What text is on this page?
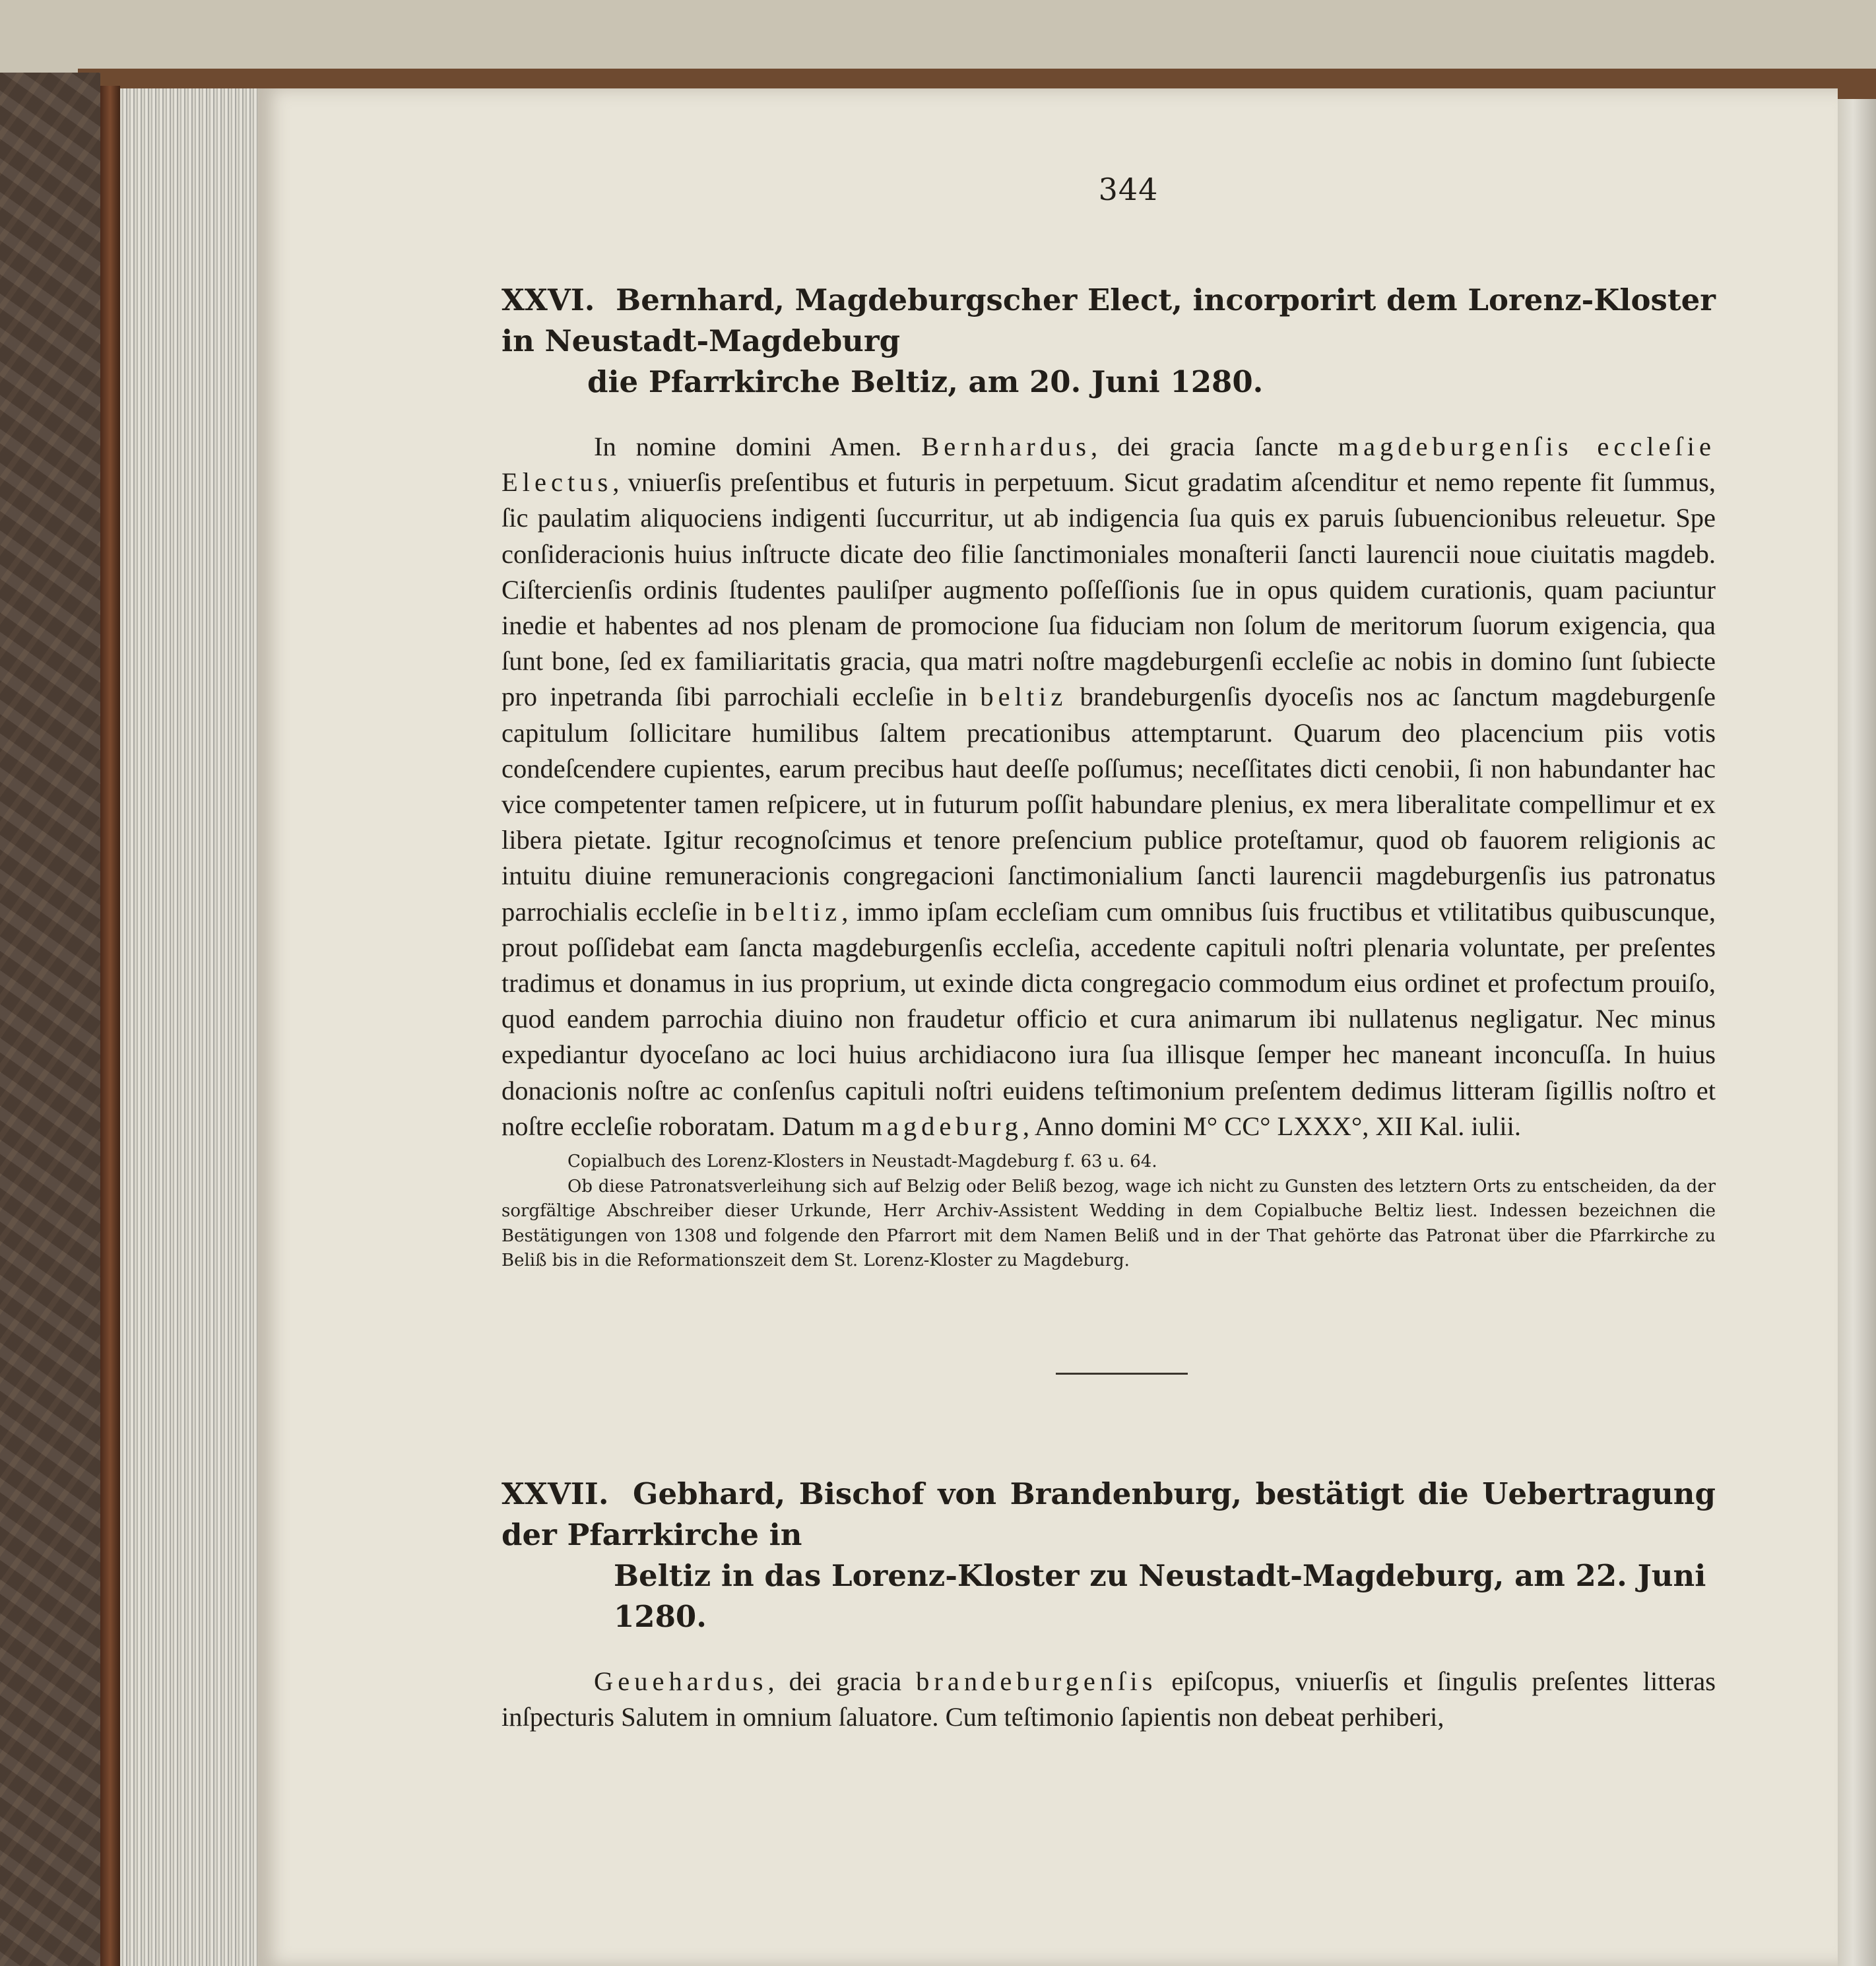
344
XXVI. Bernhard, Magdeburgscher Elect, incorporirt dem Lorenz-Kloster in Neustadt-Magdeburg
die Pfarrkirche Beltiz, am 20. Juni 1280.

In nomine domini Amen. Bernhardus, dei gracia ſancte magdeburgenſis eccleſie Electus, vniuerſis preſentibus et futuris in perpetuum. Sicut gradatim aſcenditur et nemo repente fit ſummus, ſic paulatim aliquociens indigenti ſuccurritur, ut ab indigencia ſua quis ex paruis ſubuencionibus releuetur. Spe conſideracionis huius inſtructe dicate deo filie ſanctimoniales monaſterii ſancti laurencii noue ciuitatis magdeb. Ciſtercienſis ordinis ſtudentes pauliſper augmento poſſeſſionis ſue in opus quidem curationis, quam paciuntur inedie et habentes ad nos plenam de promocione ſua fiduciam non ſolum de meritorum ſuorum exigencia, qua ſunt bone, ſed ex familiaritatis gracia, qua matri noſtre magdeburgenſi eccleſie ac nobis in domino ſunt ſubiecte pro inpetranda ſibi parrochiali eccleſie in beltiz brandeburgenſis dyoceſis nos ac ſanctum magdeburgenſe capitulum ſollicitare humilibus ſaltem precationibus attemptarunt. Quarum deo placencium piis votis condeſcendere cupientes, earum precibus haut deeſſe poſſumus; neceſſitates dicti cenobii, ſi non habundanter hac vice competenter tamen reſpicere, ut in futurum poſſit habundare plenius, ex mera liberalitate compellimur et ex libera pietate. Igitur recognoſcimus et tenore preſencium publice proteſtamur, quod ob fauorem religionis ac intuitu diuine remuneracionis congregacioni ſanctimonialium ſancti laurencii magdeburgenſis ius patronatus parrochialis eccleſie in beltiz, immo ipſam eccleſiam cum omnibus ſuis fructibus et vtilitatibus quibuscunque, prout poſſidebat eam ſancta magdeburgenſis eccleſia, accedente capituli noſtri plenaria voluntate, per preſentes tradimus et donamus in ius proprium, ut exinde dicta congregacio commodum eius ordinet et profectum prouiſo, quod eandem parrochia diuino non fraudetur officio et cura animarum ibi nullatenus negligatur. Nec minus expediantur dyoceſano ac loci huius archidiacono iura ſua illisque ſemper hec maneant inconcuſſa. In huius donacionis noſtre ac conſenſus capituli noſtri euidens teſtimonium preſentem dedimus litteram ſigillis noſtro et noſtre eccleſie roboratam. Datum magdeburg, Anno domini M° CC° LXXX°, XII Kal. iulii.

Copialbuch des Lorenz-Klosters in Neustadt-Magdeburg f. 63 u. 64.

Ob diese Patronatsverleihung sich auf Belzig oder Beliß bezog, wage ich nicht zu Gunsten des letztern Orts zu entscheiden, da der sorgfältige Abschreiber dieser Urkunde, Herr Archiv-Assistent Wedding in dem Copialbuche Beltiz liest. Indessen bezeichnen die Bestätigungen von 1308 und folgende den Pfarrort mit dem Namen Beliß und in der That gehörte das Patronat über die Pfarrkirche zu Beliß bis in die Reformationszeit dem St. Lorenz-Kloster zu Magdeburg.

XXVII. Gebhard, Bischof von Brandenburg, bestätigt die Uebertragung der Pfarrkirche in
Beltiz in das Lorenz-Kloster zu Neustadt-Magdeburg, am 22. Juni 1280.

Geuehardus, dei gracia brandeburgenſis epiſcopus, vniuerſis et ſingulis preſentes litteras inſpecturis Salutem in omnium ſaluatore. Cum teſtimonio ſapientis non debeat perhiberi,
